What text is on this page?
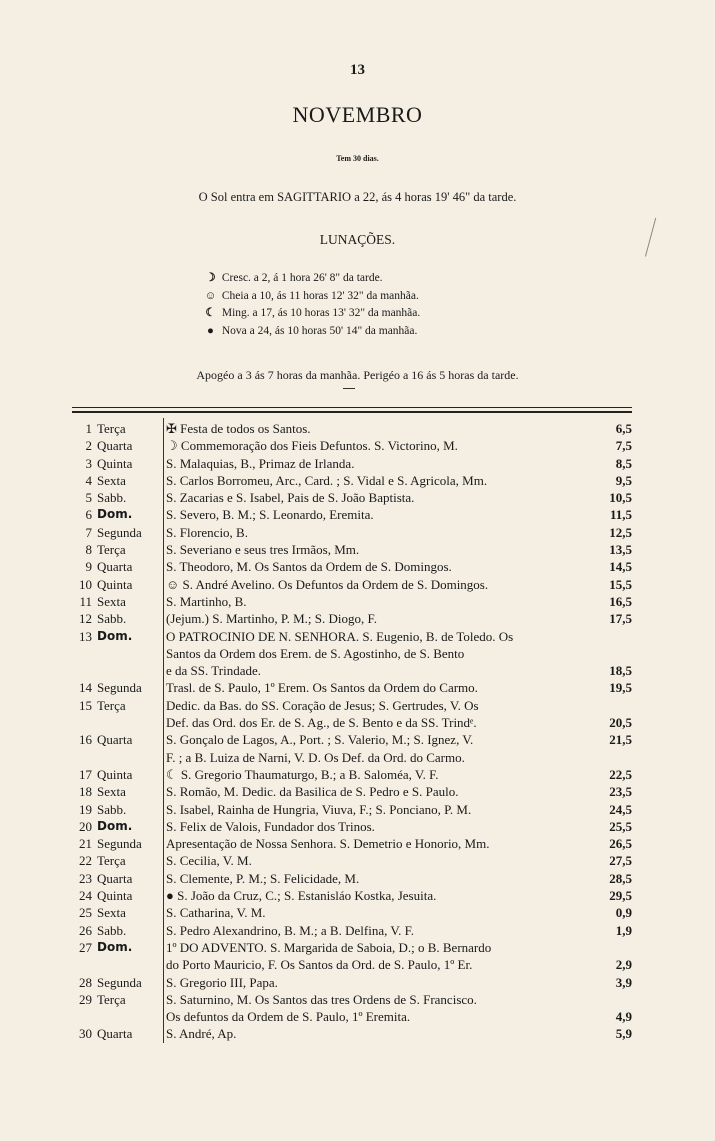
13
NOVEMBRO
Tem 30 dias.
O Sol entra em SAGITTARIO a 22, ás 4 horas 19' 46" da tarde.
LUNAÇÕES.
☽ Cresc. a 2, á 1 hora 26' 8" da tarde.
☺ Cheia a 10, ás 11 horas 12' 32" da manhãa.
☾ Ming. a 17, ás 10 horas 13' 32" da manhãa.
● Nova a 24, ás 10 horas 50' 14" da manhãa.
Apogéo a 3 ás 7 horas da manhãa. Perigéo a 16 ás 5 horas da tarde.
1 Terça	✠ Festa de todos os Santos.	6,5
2 Quarta	☽ Commemoração dos Fieis Defuntos. S. Victorino, M.	7,5
3 Quinta	S. Malaquias, B., Primaz de Irlanda.	8,5
4 Sexta	S. Carlos Borromeu, Arc., Card. ; S. Vidal e S. Agricola, Mm.	9,5
5 Sabb.	S. Zacarias e S. Isabel, Pais de S. João Baptista.	10,5
6 Dom.	S. Severo, B. M.; S. Leonardo, Eremita.	11,5
7 Segunda	S. Florencio, B.	12,5
8 Terça	S. Severiano e seus tres Irmãos, Mm.	13,5
9 Quarta	S. Theodoro, M. Os Santos da Ordem de S. Domingos.	14,5
10 Quinta	☺ S. André Avelino. Os Defuntos da Ordem de S. Domingos.	15,5
11 Sexta	S. Martinho, B.	16,5
12 Sabb.	(Jejum.) S. Martinho, P. M.; S. Diogo, F.	17,5
13 Dom.	O PATROCINIO DE N. SENHORA. S. Eugenio, B. de Toledo. Os
Santos da Ordem dos Erem. de S. Agostinho, de S. Bento
e da SS. Trindade.	

18,5
14 Segunda	Trasl. de S. Paulo, 1º Erem. Os Santos da Ordem do Carmo.	19,5
15 Terça	Dedic. da Bas. do SS. Coração de Jesus; S. Gertrudes, V. Os
Def. das Ord. dos Er. de S. Ag., de S. Bento e da SS. Trindᵉ.	
20,5
16 Quarta	S. Gonçalo de Lagos, A., Port. ; S. Valerio, M.; S. Ignez, V.
F. ; a B. Luiza de Narni, V. D. Os Def. da Ord. do Carmo.
21,5
17 Quinta	☾ S. Gregorio Thaumaturgo, B.; a B. Saloméa, V. F.	22,5
18 Sexta	S. Romão, M. Dedic. da Basilica de S. Pedro e S. Paulo.	23,5
19 Sabb.	S. Isabel, Rainha de Hungria, Viuva, F.; S. Ponciano, P. M.	24,5
20 Dom.	S. Felix de Valois, Fundador dos Trinos.	25,5
21 Segunda	Apresentação de Nossa Senhora. S. Demetrio e Honorio, Mm.	26,5
22 Terça	S. Cecilia, V. M.	27,5
23 Quarta	S. Clemente, P. M.; S. Felicidade, M.	28,5
24 Quinta	● S. João da Cruz, C.; S. Estanisláo Kostka, Jesuita.	29,5
25 Sexta	S. Catharina, V. M.	0,9
26 Sabb.	S. Pedro Alexandrino, B. M.; a B. Delfina, V. F.	1,9
27 Dom.	1º DO ADVENTO. S. Margarida de Saboia, D.; o B. Bernardo
do Porto Mauricio, F. Os Santos da Ord. de S. Paulo, 1º Er.	
2,9
28 Segunda	S. Gregorio III, Papa.	3,9
29 Terça	S. Saturnino, M. Os Santos das tres Ordens de S. Francisco.
Os defuntos da Ordem de S. Paulo, 1º Eremita.	
4,9
30 Quarta	S. André, Ap.	5,9
